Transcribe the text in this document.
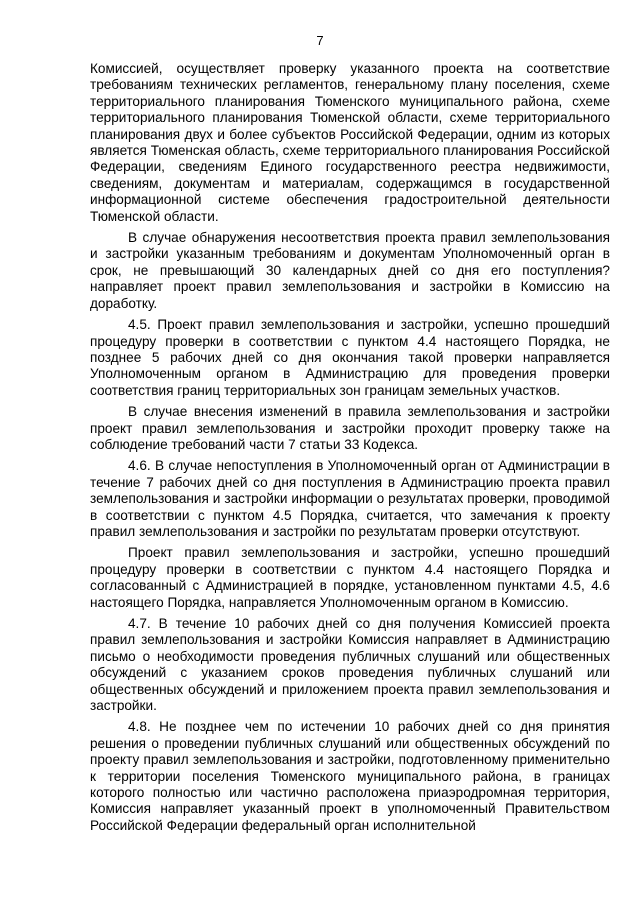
7

Комиссией, осуществляет проверку указанного проекта на соответствие требованиям технических регламентов, генеральному плану поселения, схеме территориального планирования Тюменского муниципального района, схеме территориального планирования Тюменской области, схеме территориального планирования двух и более субъектов Российской Федерации, одним из которых является Тюменская область, схеме территориального планирования Российской Федерации, сведениям Единого государственного реестра недвижимости, сведениям, документам и материалам, содержащимся в государственной информационной системе обеспечения градостроительной деятельности Тюменской области.

В случае обнаружения несоответствия проекта правил землепользования и застройки указанным требованиям и документам Уполномоченный орган в срок, не превышающий 30 календарных дней со дня его поступления? направляет проект правил землепользования и застройки в Комиссию на доработку.

4.5. Проект правил землепользования и застройки, успешно прошедший процедуру проверки в соответствии с пунктом 4.4 настоящего Порядка, не позднее 5 рабочих дней со дня окончания такой проверки направляется Уполномоченным органом в Администрацию для проведения проверки соответствия границ территориальных зон границам земельных участков.

В случае внесения изменений в правила землепользования и застройки проект правил землепользования и застройки проходит проверку также на соблюдение требований части 7 статьи 33 Кодекса.

4.6. В случае непоступления в Уполномоченный орган от Администрации в течение 7 рабочих дней со дня поступления в Администрацию проекта правил землепользования и застройки информации о результатах проверки, проводимой в соответствии с пунктом 4.5 Порядка, считается, что замечания к проекту правил землепользования и застройки по результатам проверки отсутствуют.

Проект правил землепользования и застройки, успешно прошедший процедуру проверки в соответствии с пунктом 4.4 настоящего Порядка и согласованный с Администрацией в порядке, установленном пунктами 4.5, 4.6 настоящего Порядка, направляется Уполномоченным органом в Комиссию.

4.7. В течение 10 рабочих дней со дня получения Комиссией проекта правил землепользования и застройки Комиссия направляет в Администрацию письмо о необходимости проведения публичных слушаний или общественных обсуждений с указанием сроков проведения публичных слушаний или общественных обсуждений и приложением проекта правил землепользования и застройки.

4.8. Не позднее чем по истечении 10 рабочих дней со дня принятия решения о проведении публичных слушаний или общественных обсуждений по проекту правил землепользования и застройки, подготовленному применительно к территории поселения Тюменского муниципального района, в границах которого полностью или частично расположена приаэродромная территория, Комиссия направляет указанный проект в уполномоченный Правительством Российской Федерации федеральный орган исполнительной
